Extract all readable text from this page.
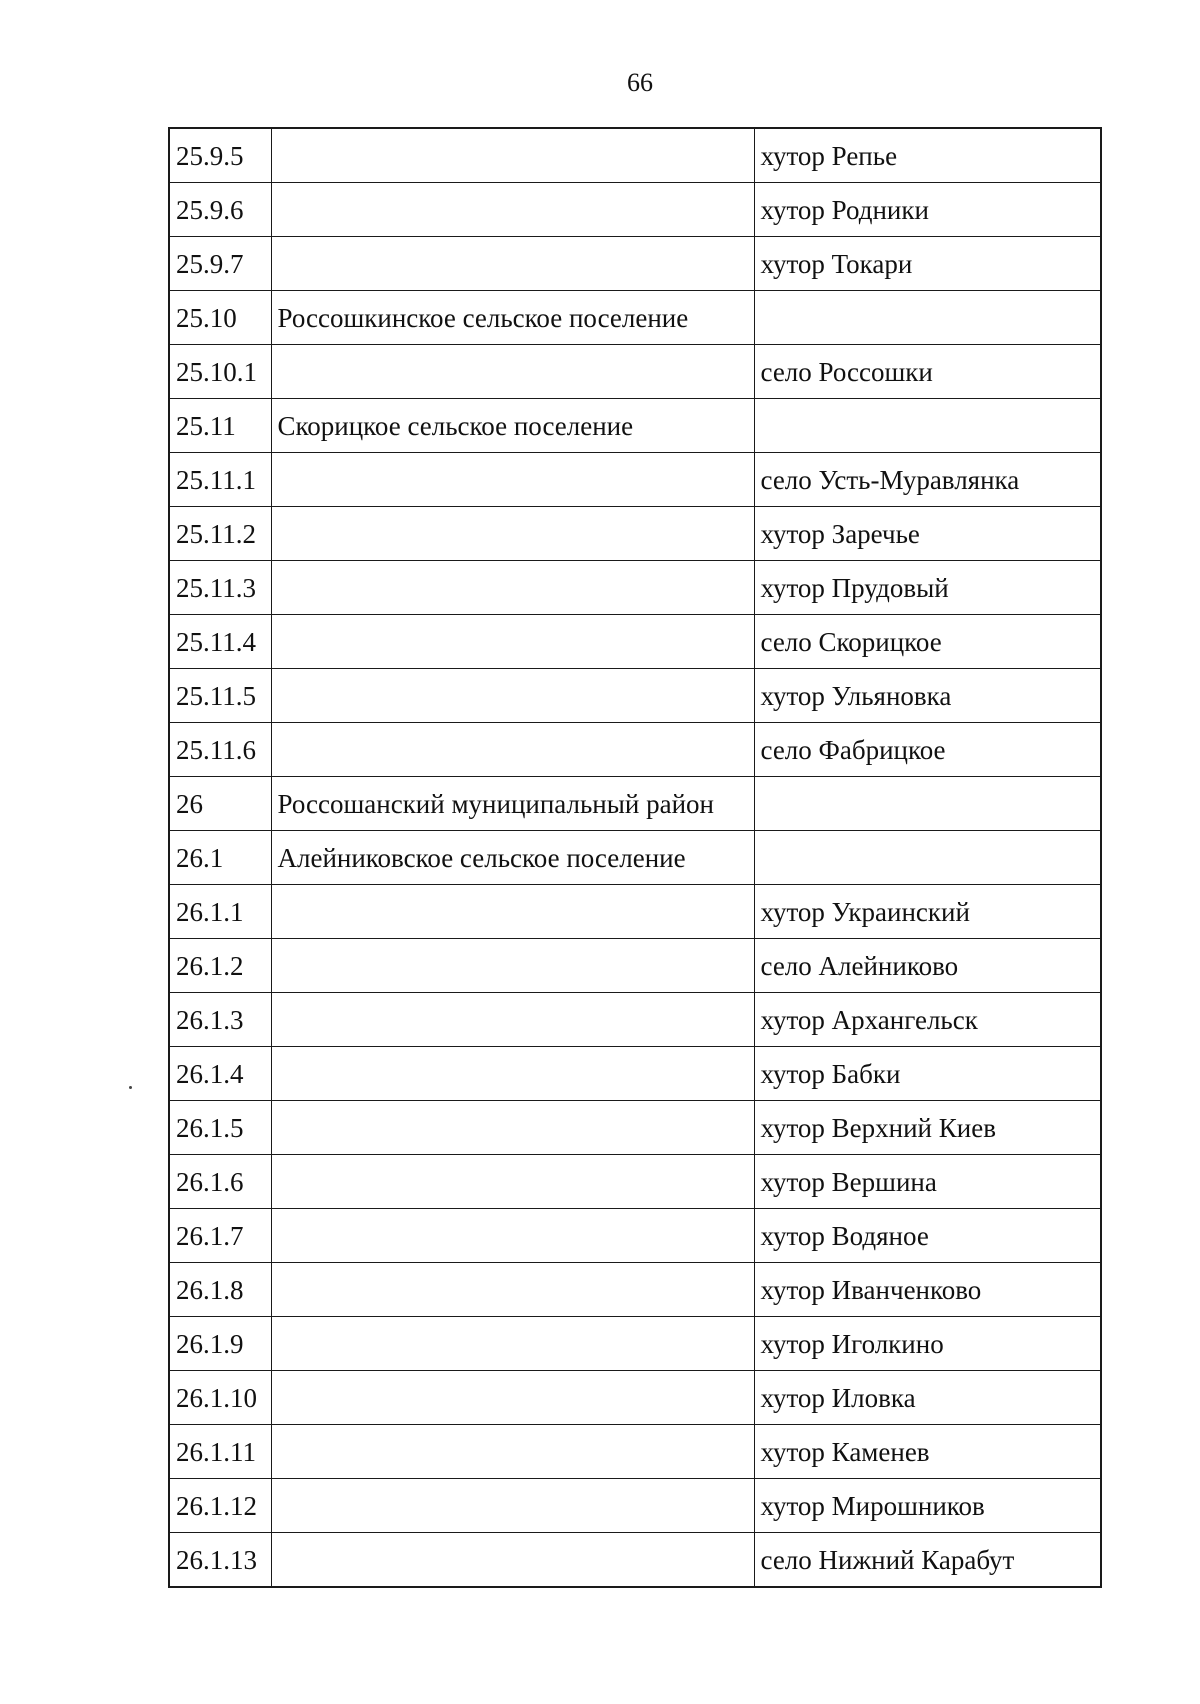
66
25.9.5		хутор Репье
25.9.6		хутор Родники
25.9.7		хутор Токари
25.10	Россошкинское сельское поселение	
25.10.1		село Россошки
25.11	Скорицкое сельское поселение	
25.11.1		село Усть-Муравлянка
25.11.2		хутор Заречье
25.11.3		хутор Прудовый
25.11.4		село Скорицкое
25.11.5		хутор Ульяновка
25.11.6		село Фабрицкое
26	Россошанский муниципальный район	
26.1	Алейниковское сельское поселение	
26.1.1		хутор Украинский
26.1.2		село Алейниково
26.1.3		хутор Архангельск
26.1.4		хутор Бабки
26.1.5		хутор Верхний Киев
26.1.6		хутор Вершина
26.1.7		хутор Водяное
26.1.8		хутор Иванченково
26.1.9		хутор Иголкино
26.1.10		хутор Иловка
26.1.11		хутор Каменев
26.1.12		хутор Мирошников
26.1.13		село Нижний Карабут
